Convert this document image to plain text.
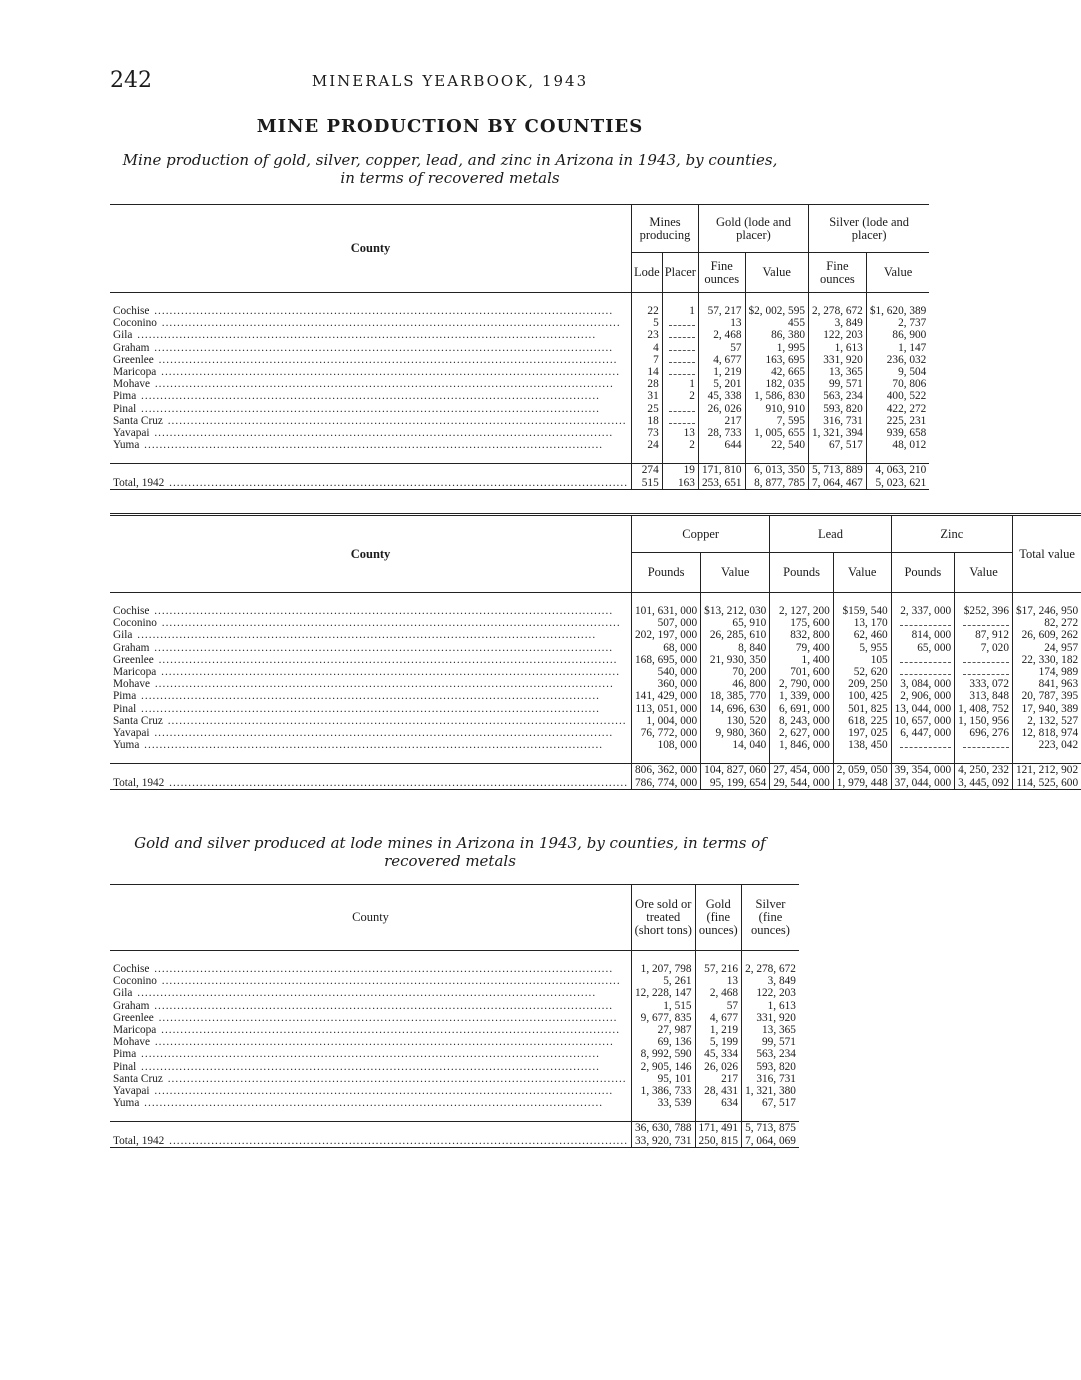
242	MINERALS YEARBOOK, 1943
MINE PRODUCTION BY COUNTIES
Mine production of gold, silver, copper, lead, and zinc in Arizona in 1943, by counties,
in terms of recovered metals
County	Mines producing		Gold (lode and placer)		Silver (lode and placer)	
	Lode	Placer	Fine ounces	Value	Fine ounces	Value

Cochise ........................................................................................................................	22	1	57, 217	$2, 002, 595	2, 278, 672	$1, 620, 389
Coconino ........................................................................................................................	5		13	455	3, 849	2, 737
Gila ........................................................................................................................	23		2, 468	86, 380	122, 203	86, 900
Graham ........................................................................................................................	4		57	1, 995	1, 613	1, 147
Greenlee ........................................................................................................................	7		4, 677	163, 695	331, 920	236, 032
Maricopa ........................................................................................................................	14		1, 219	42, 665	13, 365	9, 504
Mohave ........................................................................................................................	28	1	5, 201	182, 035	99, 571	70, 806
Pima ........................................................................................................................	31	2	45, 338	1, 586, 830	563, 234	400, 522
Pinal ........................................................................................................................	25		26, 026	910, 910	593, 820	422, 272
Santa Cruz ........................................................................................................................	18		217	7, 595	316, 731	225, 231
Yavapai ........................................................................................................................	73	13	28, 733	1, 005, 655	1, 321, 394	939, 658
Yuma ........................................................................................................................	24	2	644	22, 540	67, 517	48, 012

	274	19	171, 810	6, 013, 350	5, 713, 889	4, 063, 210
Total, 1942 ........................................................................................................................	515	163	253, 651	8, 877, 785	7, 064, 467	5, 023, 621
County	Copper		Lead		Zinc		Total value
	Pounds	Value	Pounds	Value	Pounds	Value	

Cochise ........................................................................................................................	101, 631, 000	$13, 212, 030	2, 127, 200	$159, 540	2, 337, 000	$252, 396	$17, 246, 950
Coconino ........................................................................................................................	507, 000	65, 910	175, 600	13, 170			82, 272
Gila ........................................................................................................................	202, 197, 000	26, 285, 610	832, 800	62, 460	814, 000	87, 912	26, 609, 262
Graham ........................................................................................................................	68, 000	8, 840	79, 400	5, 955	65, 000	7, 020	24, 957
Greenlee ........................................................................................................................	168, 695, 000	21, 930, 350	1, 400	105			22, 330, 182
Maricopa ........................................................................................................................	540, 000	70, 200	701, 600	52, 620			174, 989
Mohave ........................................................................................................................	360, 000	46, 800	2, 790, 000	209, 250	3, 084, 000	333, 072	841, 963
Pima ........................................................................................................................	141, 429, 000	18, 385, 770	1, 339, 000	100, 425	2, 906, 000	313, 848	20, 787, 395
Pinal ........................................................................................................................	113, 051, 000	14, 696, 630	6, 691, 000	501, 825	13, 044, 000	1, 408, 752	17, 940, 389
Santa Cruz ........................................................................................................................	1, 004, 000	130, 520	8, 243, 000	618, 225	10, 657, 000	1, 150, 956	2, 132, 527
Yavapai ........................................................................................................................	76, 772, 000	9, 980, 360	2, 627, 000	197, 025	6, 447, 000	696, 276	12, 818, 974
Yuma ........................................................................................................................	108, 000	14, 040	1, 846, 000	138, 450			223, 042

	806, 362, 000	104, 827, 060	27, 454, 000	2, 059, 050	39, 354, 000	4, 250, 232	121, 212, 902
Total, 1942 ........................................................................................................................	786, 774, 000	95, 199, 654	29, 544, 000	1, 979, 448	37, 044, 000	3, 445, 092	114, 525, 600
Gold and silver produced at lode mines in Arizona in 1943, by counties, in terms of
recovered metals
County	Ore sold or treated (short tons)	Gold (fine ounces)	Silver (fine ounces)

Cochise ........................................................................................................................	1, 207, 798	57, 216	2, 278, 672
Coconino ........................................................................................................................	5, 261	13	3, 849
Gila ........................................................................................................................	12, 228, 147	2, 468	122, 203
Graham ........................................................................................................................	1, 515	57	1, 613
Greenlee ........................................................................................................................	9, 677, 835	4, 677	331, 920
Maricopa ........................................................................................................................	27, 987	1, 219	13, 365
Mohave ........................................................................................................................	69, 136	5, 199	99, 571
Pima ........................................................................................................................	8, 992, 590	45, 334	563, 234
Pinal ........................................................................................................................	2, 905, 146	26, 026	593, 820
Santa Cruz ........................................................................................................................	95, 101	217	316, 731
Yavapai ........................................................................................................................	1, 386, 733	28, 431	1, 321, 380
Yuma ........................................................................................................................	33, 539	634	67, 517

	36, 630, 788	171, 491	5, 713, 875
Total, 1942 ........................................................................................................................	33, 920, 731	250, 815	7, 064, 069
